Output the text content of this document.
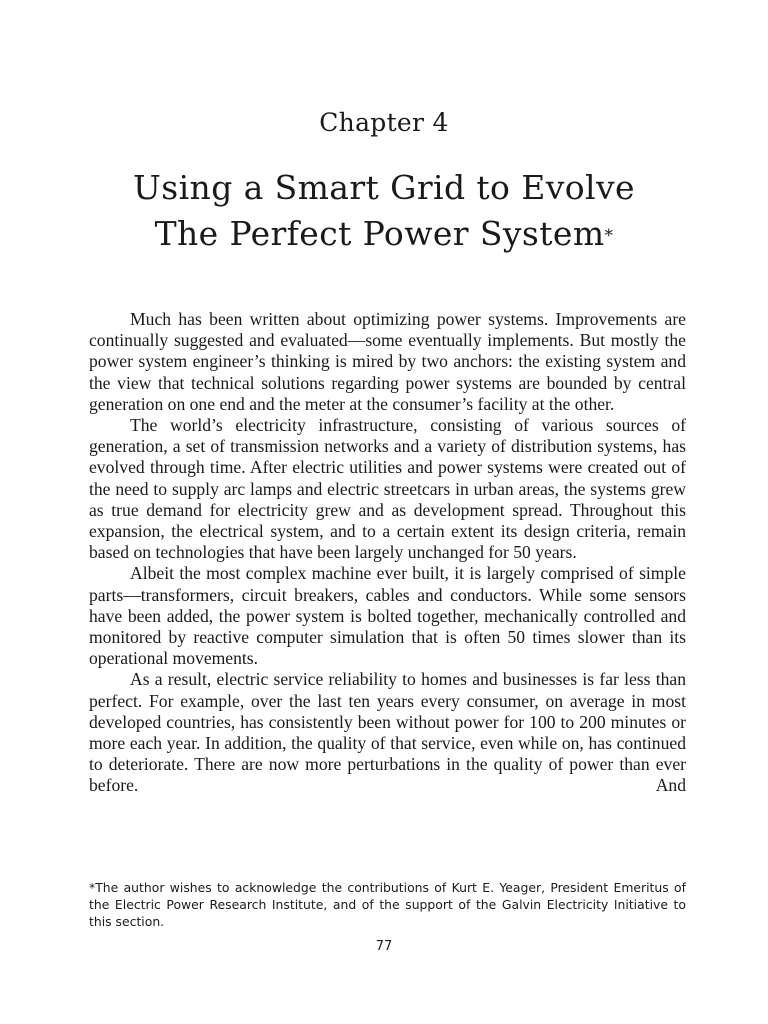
Chapter 4
Using a Smart Grid to Evolve
The Perfect Power System*

Much has been written about optimizing power systems. Improvements are continually suggested and evaluated—some eventually implements. But mostly the power system engineer’s thinking is mired by two anchors: the existing system and the view that technical solutions regarding power systems are bounded by central generation on one end and the meter at the consumer’s facility at the other.

The world’s electricity infrastructure, consisting of various sources of generation, a set of transmission networks and a variety of distribution systems, has evolved through time. After electric utilities and power systems were created out of the need to supply arc lamps and electric streetcars in urban areas, the systems grew as true demand for electricity grew and as development spread. Throughout this expansion, the electrical system, and to a certain extent its design criteria, remain based on technologies that have been largely unchanged for 50 years.

Albeit the most complex machine ever built, it is largely comprised of simple parts—transformers, circuit breakers, cables and conductors. While some sensors have been added, the power system is bolted together, mechanically controlled and monitored by reactive computer simulation that is often 50 times slower than its operational movements.

As a result, electric service reliability to homes and businesses is far less than perfect. For example, over the last ten years every consumer, on average in most developed countries, has consistently been without power for 100 to 200 minutes or more each year. In addition, the quality of that service, even while on, has continued to deteriorate. There are now more perturbations in the quality of power than ever before. And

*The author wishes to acknowledge the contributions of Kurt E. Yeager, President Emeritus of the Electric Power Research Institute, and of the support of the Galvin Electricity Initiative to this section.
77
